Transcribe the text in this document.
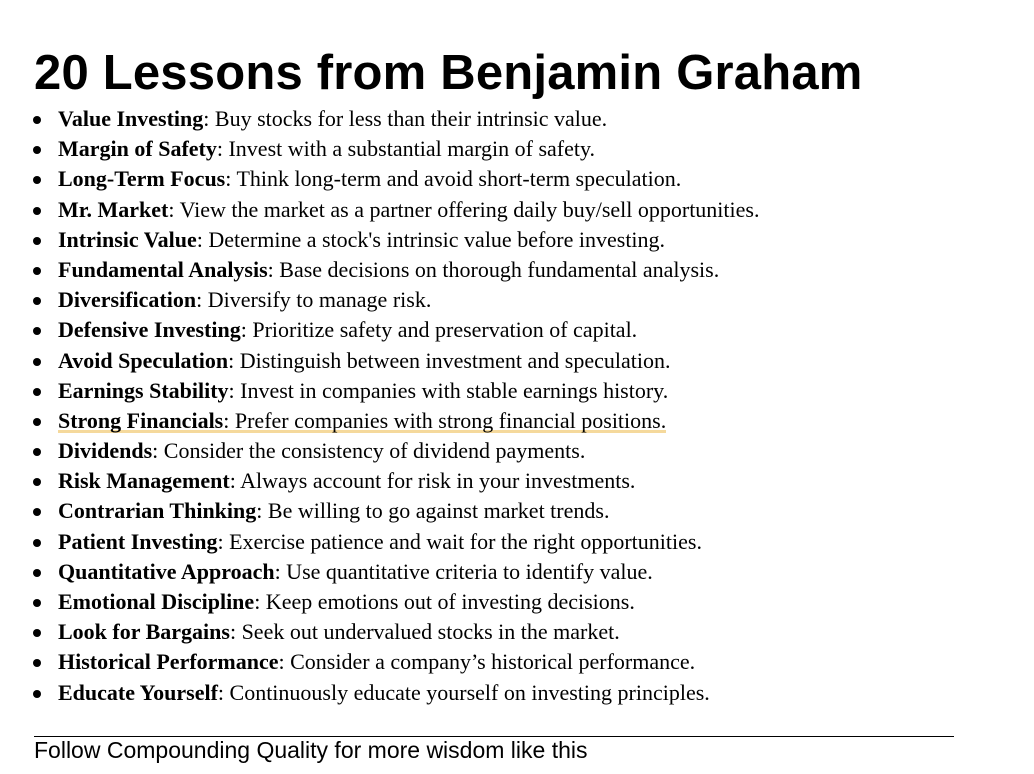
20 Lessons from Benjamin Graham
Value Investing: Buy stocks for less than their intrinsic value.
Margin of Safety: Invest with a substantial margin of safety.
Long-Term Focus: Think long-term and avoid short-term speculation.
Mr. Market: View the market as a partner offering daily buy/sell opportunities.
Intrinsic Value: Determine a stock's intrinsic value before investing.
Fundamental Analysis: Base decisions on thorough fundamental analysis.
Diversification: Diversify to manage risk.
Defensive Investing: Prioritize safety and preservation of capital.
Avoid Speculation: Distinguish between investment and speculation.
Earnings Stability: Invest in companies with stable earnings history.
Strong Financials: Prefer companies with strong financial positions.
Dividends: Consider the consistency of dividend payments.
Risk Management: Always account for risk in your investments.
Contrarian Thinking: Be willing to go against market trends.
Patient Investing: Exercise patience and wait for the right opportunities.
Quantitative Approach: Use quantitative criteria to identify value.
Emotional Discipline: Keep emotions out of investing decisions.
Look for Bargains: Seek out undervalued stocks in the market.
Historical Performance: Consider a company’s historical performance.
Educate Yourself: Continuously educate yourself on investing principles.
Follow Compounding Quality for more wisdom like this
